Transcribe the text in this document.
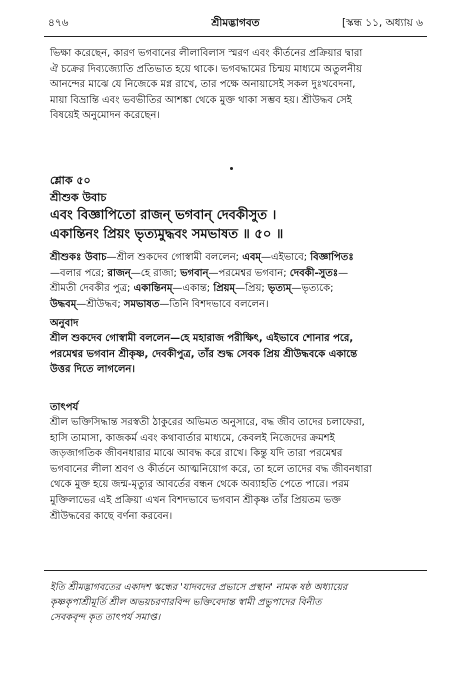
৪৭৬	শ্রীমদ্ভাগবত	[স্কন্ধ ১১, অধ্যায় ৬

ভিক্ষা করেছেন, কারণ ভগবানের লীলাবিলাস স্মরণ এবং কীর্তনের প্রক্রিয়ার দ্বারা

ঐ চক্রের দিব্যজ্যোতি প্রতিভাত হয়ে থাকে। ভগবদ্ধামের চিন্ময় মাধ্যমে অতুলনীয়

আনন্দের মাঝে যে নিজেকে মগ্ন রাখে, তার পক্ষে অনায়াসেই সকল দুঃখবেদনা,

মায়া বিভ্রান্তি এবং ভবভীতির আশঙ্কা থেকে মুক্ত থাকা সম্ভব হয়। শ্রীউদ্ধব সেই

বিষয়েই অনুমোদন করেছেন।

শ্লোক ৫০

শ্রীশুক উবাচ

এবং বিজ্ঞাপিতো রাজন্ ভগবান্ দেবকীসুত ।

একান্তিনং প্রিয়ং ভৃত্যমুদ্ধবং সমভাষত ॥ ৫০ ॥

শ্রীশুকঃ উবাচ—শ্রীল শুকদেব গোস্বামী বললেন; এবম্—এইভাবে; বিজ্ঞাপিতঃ

—বলার পরে; রাজন্—হে রাজা; ভগবান্—পরমেশ্বর ভগবান; দেবকী-সুতঃ—

শ্রীমতী দেবকীর পুত্র; একান্তিনম্—একান্ত; প্রিয়ম্—প্রিয়; ভৃত্যম্—ভৃত্যকে;

উদ্ধবম্—শ্রীউদ্ধব; সমভাষত—তিনি বিশদভাবে বললেন।

অনুবাদ

শ্রীল শুকদেব গোস্বামী বললেন—হে মহারাজ পরীক্ষিৎ, এইভাবে শোনার পরে,

পরমেশ্বর ভগবান শ্রীকৃষ্ণ, দেবকীপুত্র, তাঁর শুদ্ধ সেবক প্রিয় শ্রীউদ্ধবকে একান্তে

উত্তর দিতে লাগলেন।

তাৎপর্য

শ্রীল ভক্তিসিদ্ধান্ত সরস্বতী ঠাকুরের অভিমত অনুসারে, বদ্ধ জীব তাদের চলাফেরা,

হাসি তামাসা, কাজকর্ম এবং কথাবার্তার মাধ্যমে, কেবলই নিজেদের ক্রমশই

জড়জাগতিক জীবনধারার মাঝে আবদ্ধ করে রাখে। কিন্তু যদি তারা পরমেশ্বর

ভগবানের লীলা শ্রবণ ও কীর্তনে আত্মনিয়োগ করে, তা হলে তাদের বদ্ধ জীবনধারা

থেকে মুক্ত হয়ে জন্ম-মৃত্যুর আবর্তের বন্ধন থেকে অব্যাহতি পেতে পারে। পরম

মুক্তিলাভের এই প্রক্রিয়া এখন বিশদভাবে ভগবান শ্রীকৃষ্ণ তাঁর প্রিয়তম ভক্ত

শ্রীউদ্ধবের কাছে বর্ণনা করবেন।

ইতি শ্রীমদ্ভাগবতের একাদশ স্কন্ধের 'যাদবদের প্রভাসে প্রস্থান' নামক ষষ্ঠ অধ্যায়ের

কৃষ্ণকৃপাশ্রীমূর্তি শ্রীল অভয়চরণারবিন্দ ভক্তিবেদান্ত স্বামী প্রভুপাদের বিনীত

সেবকবৃন্দ কৃত তাৎপর্য সমাপ্ত।
